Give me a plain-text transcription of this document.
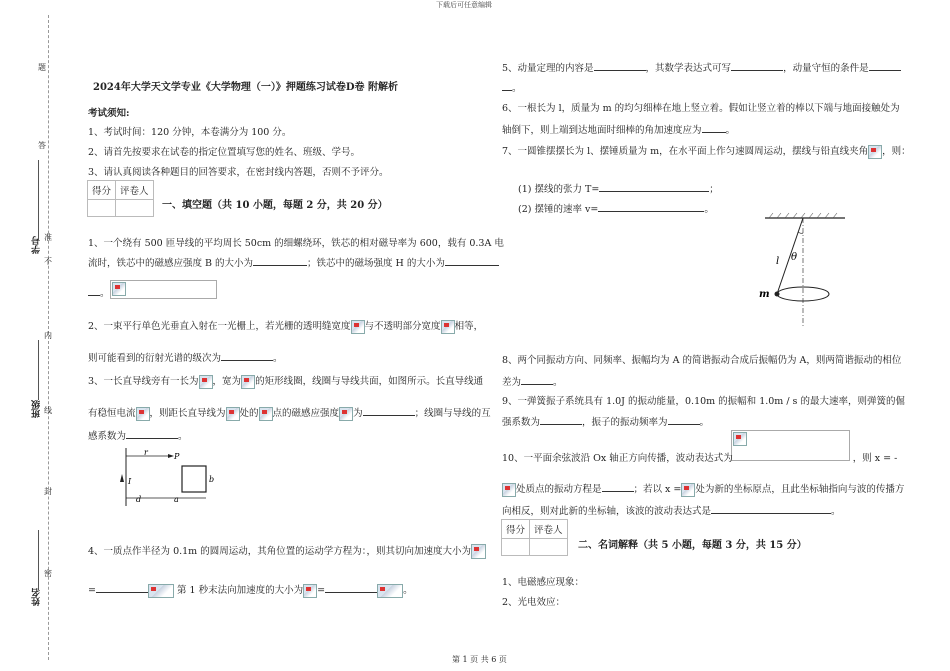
下载后可任意编辑
第 1 页 共 6 页
题
答
准
不
内
线
封
密
学号
班级
姓名
2024年大学天文学专业《大学物理（一）》押题练习试卷D卷 附解析
考试须知:
1、考试时间：120 分钟，本卷满分为 100 分。
2、请首先按要求在试卷的指定位置填写您的姓名、班级、学号。
3、请认真阅读各种题目的回答要求，在密封线内答题，否则不予评分。
得分	评卷人

一、填空题（共 10 小题，每题 2 分，共 20 分）
1、一个绕有 500 匝导线的平均周长 50cm 的细螺绕环，铁芯的相对磁导率为 600，载有 0.3A 电
流时，铁芯中的磁感应强度 B 的大小为	；铁芯中的磁场强度 H 的大小为
。
2、一束平行单色光垂直入射在一光栅上，若光栅的透明缝宽度 与不透明部分宽度 相等，
则可能看到的衍射光谱的级次为	。
3、一长直导线旁有一长为 ，宽为 的矩形线圈，线圈与导线共面，如图所示。长直导线通
有稳恒电流 ，则距长直导线为 处的 点的磁感应强度 为	；线圈与导线的互
感系数为	。
r	P
I	b
d	a
4、一质点作半径为 0.1m 的圆周运动，其角位置的运动学方程为：，则其切向加速度大小为
=	第 1 秒末法向加速度的大小为 =	。
5、动量定理的内容是	，其数学表达式可写	，动量守恒的条件是
。
6、一根长为 l，质量为 m 的均匀细棒在地上竖立着。假如让竖立着的棒以下端与地面接触处为
轴倒下，则上端到达地面时细棒的角加速度应为	。
7、一圆锥摆摆长为 l、摆锤质量为 m，在水平面上作匀速圆周运动，摆线与铅直线夹角 ，则：
(1) 摆线的张力 T=	；
(2) 摆锤的速率 v=	。
l θ
m
8、两个同振动方向、同频率、振幅均为 A 的简谐振动合成后振幅仍为 A，则两简谐振动的相位
差为	。
9、一弹簧振子系统具有 1.0J 的振动能量，0.10m 的振幅和 1.0m / s 的最大速率，则弹簧的倔
强系数为	，振子的振动频率为	。
10、一平面余弦波沿 Ox 轴正方向传播，波动表达式为	，则 x = -
处质点的振动方程是	；若以 x = 处为新的坐标原点，且此坐标轴指向与波的传播方
向相反，则对此新的坐标轴，该波的波动表达式是	。
得分	评卷人

二、名词解释（共 5 小题，每题 3 分，共 15 分）
1、电磁感应现象：
2、光电效应：
